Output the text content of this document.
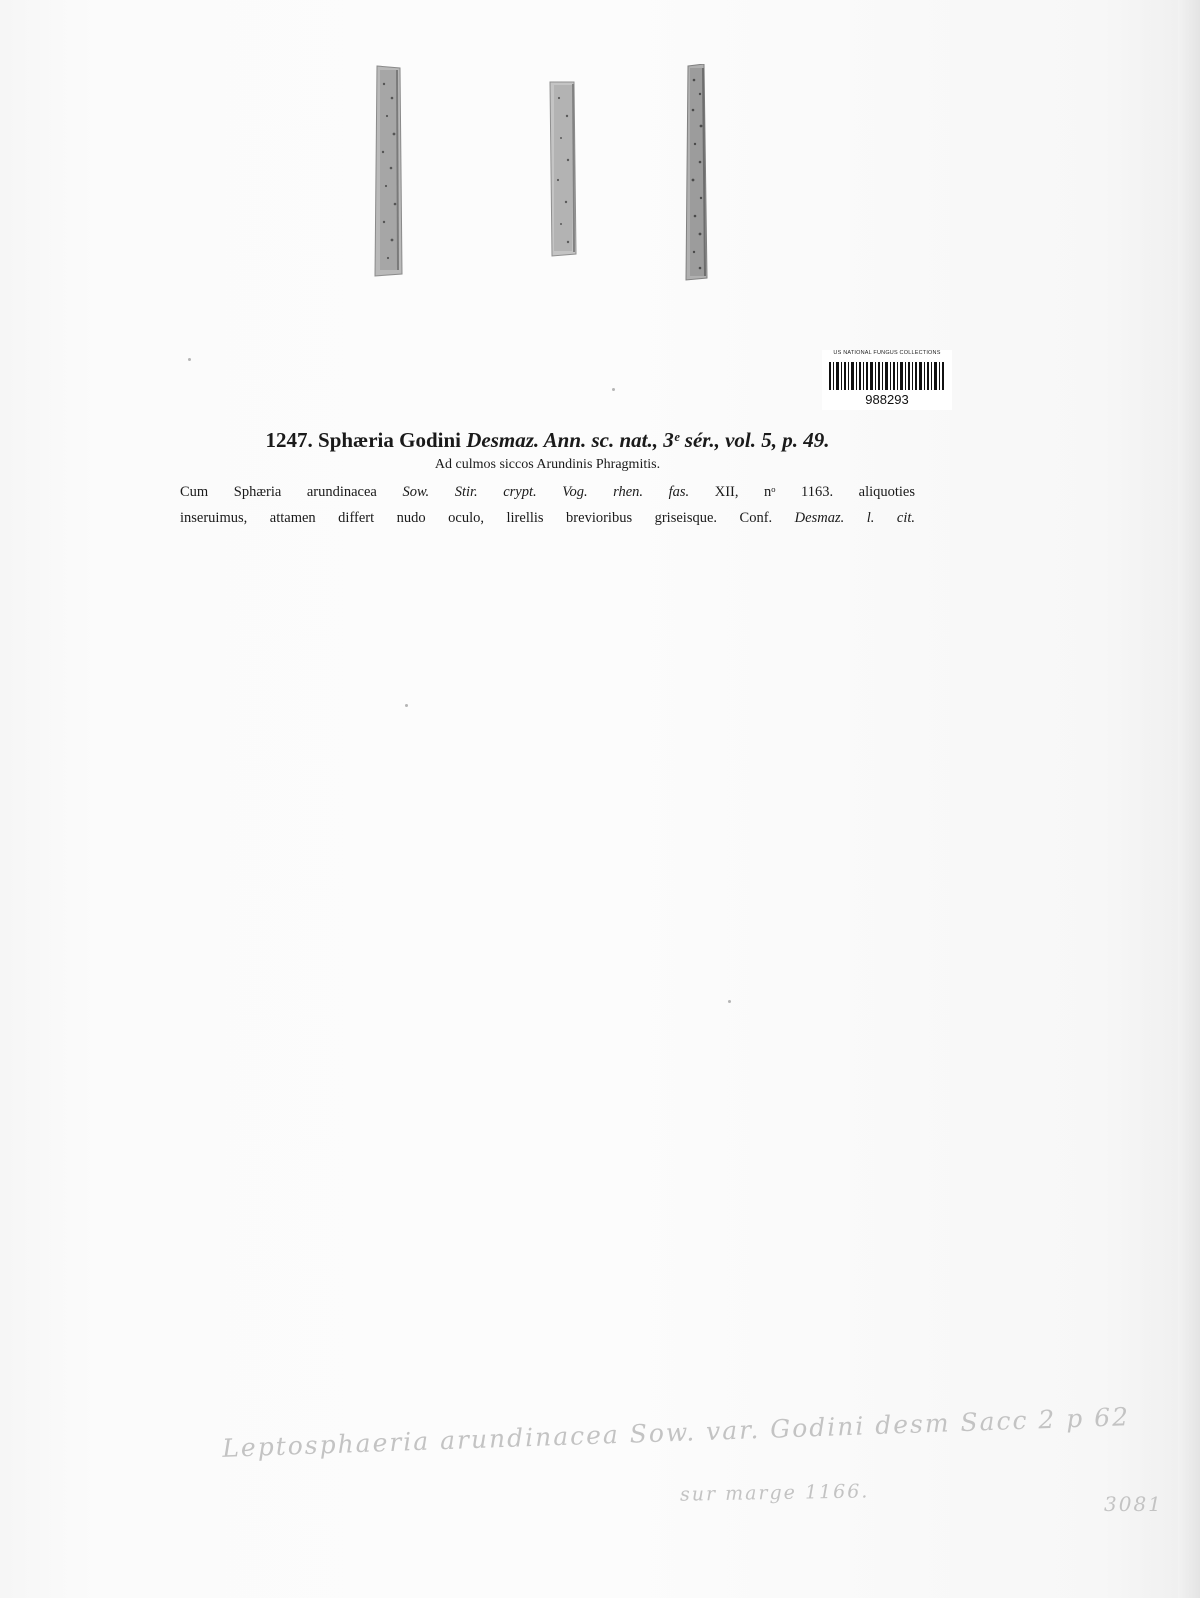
US NATIONAL FUNGUS COLLECTIONS
988293
1247. Sphæria Godini Desmaz. Ann. sc. nat., 3ᵉ sér., vol. 5, p. 49.
Ad culmos siccos Arundinis Phragmitis.
Cum Sphæria arundinacea Sow. Stir. crypt. Vog. rhen. fas. XII, nᵒ 1163. aliquoties
inseruimus, attamen differt nudo oculo, lirellis brevioribus griseisque. Conf. Desmaz. l. cit.
Leptosphaeria arundinacea Sow. var. Godini desm Sacc 2 p 62
sur marge 1166.	3081
